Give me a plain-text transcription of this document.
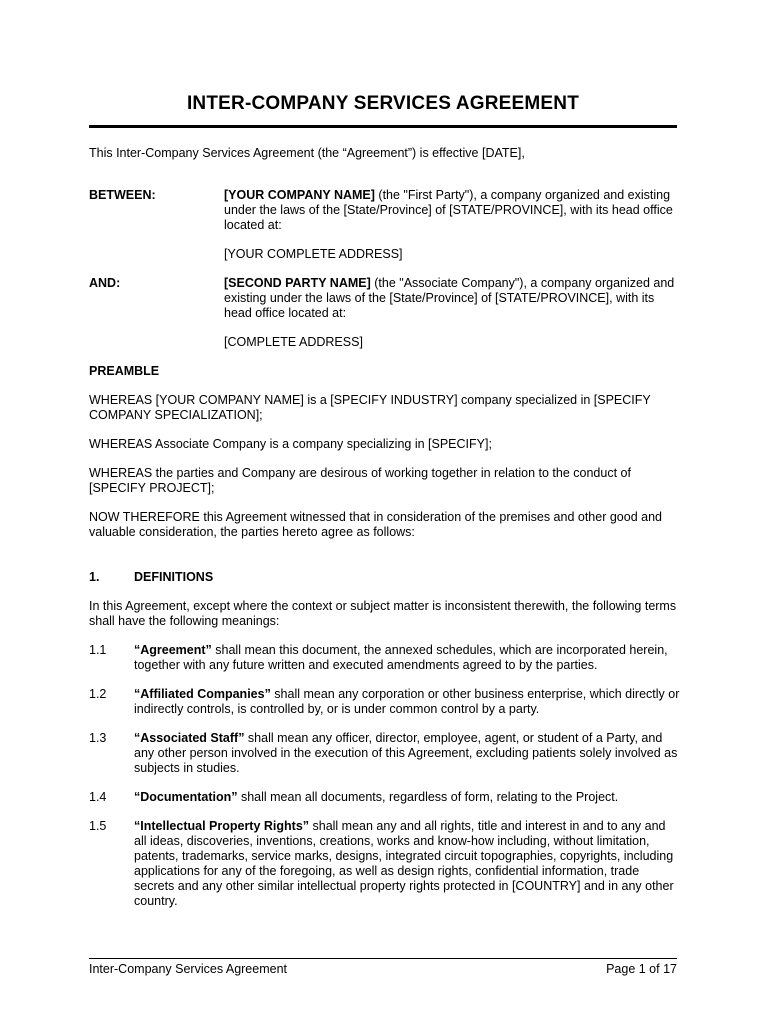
INTER-COMPANY SERVICES AGREEMENT

This Inter-Company Services Agreement (the “Agreement”) is effective [DATE],

BETWEEN:	[YOUR COMPANY NAME] (the "First Party"), a company organized and existing under the laws of the [State/Province] of [STATE/PROVINCE], with its head office located at:

[YOUR COMPLETE ADDRESS]

AND:	[SECOND PARTY NAME] (the "Associate Company"), a company organized and existing under the laws of the [State/Province] of [STATE/PROVINCE], with its head office located at:

[COMPLETE ADDRESS]

PREAMBLE

WHEREAS [YOUR COMPANY NAME] is a [SPECIFY INDUSTRY] company specialized in [SPECIFY COMPANY SPECIALIZATION];

WHEREAS Associate Company is a company specializing in [SPECIFY];

WHEREAS the parties and Company are desirous of working together in relation to the conduct of [SPECIFY PROJECT];

NOW THEREFORE this Agreement witnessed that in consideration of the premises and other good and valuable consideration, the parties hereto agree as follows:

1.	DEFINITIONS

In this Agreement, except where the context or subject matter is inconsistent therewith, the following terms shall have the following meanings:

1.1	“Agreement” shall mean this document, the annexed schedules, which are incorporated herein, together with any future written and executed amendments agreed to by the parties.
1.2	“Affiliated Companies” shall mean any corporation or other business enterprise, which directly or indirectly controls, is controlled by, or is under common control by a party.
1.3	“Associated Staff” shall mean any officer, director, employee, agent, or student of a Party, and any other person involved in the execution of this Agreement, excluding patients solely involved as subjects in studies.
1.4	“Documentation” shall mean all documents, regardless of form, relating to the Project.
1.5	“Intellectual Property Rights” shall mean any and all rights, title and interest in and to any and all ideas, discoveries, inventions, creations, works and know-how including, without limitation, patents, trademarks, service marks, designs, integrated circuit topographies, copyrights, including applications for any of the foregoing, as well as design rights, confidential information, trade secrets and any other similar intellectual property rights protected in [COUNTRY] and in any other country.
Inter-Company Services Agreement	Page 1 of 17
